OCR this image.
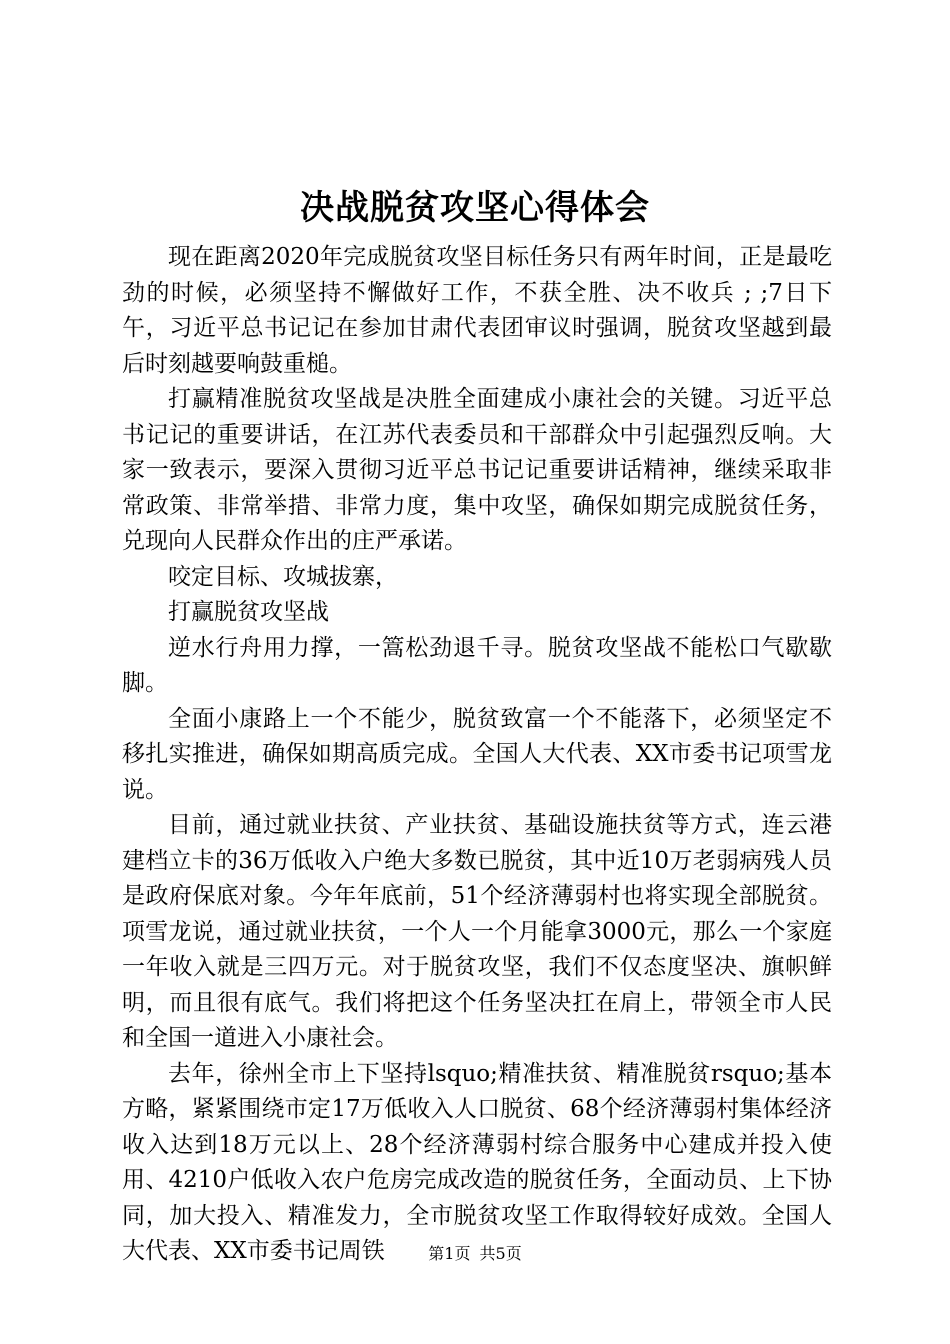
决战脱贫攻坚心得体会

现在距离2020年完成脱贫攻坚目标任务只有两年时间，正是最吃劲的时候，必须坚持不懈做好工作，不获全胜、决不收兵 ; ;7日下午，习近平总书记记在参加甘肃代表团审议时强调，脱贫攻坚越到最后时刻越要响鼓重槌。

打赢精准脱贫攻坚战是决胜全面建成小康社会的关键。习近平总书记记的重要讲话，在江苏代表委员和干部群众中引起强烈反响。大家一致表示，要深入贯彻习近平总书记记重要讲话精神，继续采取非常政策、非常举措、非常力度，集中攻坚，确保如期完成脱贫任务，兑现向人民群众作出的庄严承诺。

咬定目标、攻城拔寨，

打赢脱贫攻坚战

逆水行舟用力撑，一篙松劲退千寻。脱贫攻坚战不能松口气歇歇脚。

全面小康路上一个不能少，脱贫致富一个不能落下，必须坚定不移扎实推进，确保如期高质完成。全国人大代表、XX市委书记项雪龙说。

目前，通过就业扶贫、产业扶贫、基础设施扶贫等方式，连云港建档立卡的36万低收入户绝大多数已脱贫，其中近10万老弱病残人员是政府保底对象。今年年底前，51个经济薄弱村也将实现全部脱贫。项雪龙说，通过就业扶贫，一个人一个月能拿3000元，那么一个家庭一年收入就是三四万元。对于脱贫攻坚，我们不仅态度坚决、旗帜鲜明，而且很有底气。我们将把这个任务坚决扛在肩上，带领全市人民和全国一道进入小康社会。

去年，徐州全市上下坚持lsquo;精准扶贫、精准脱贫rsquo;基本方略，紧紧围绕市定17万低收入人口脱贫、68个经济薄弱村集体经济收入达到18万元以上、28个经济薄弱村综合服务中心建成并投入使用、4210户低收入农户危房完成改造的脱贫任务，全面动员、上下协同，加大投入、精准发力，全市脱贫攻坚工作取得较好成效。全国人大代表、XX市委书记周铁	第1页 共5页
